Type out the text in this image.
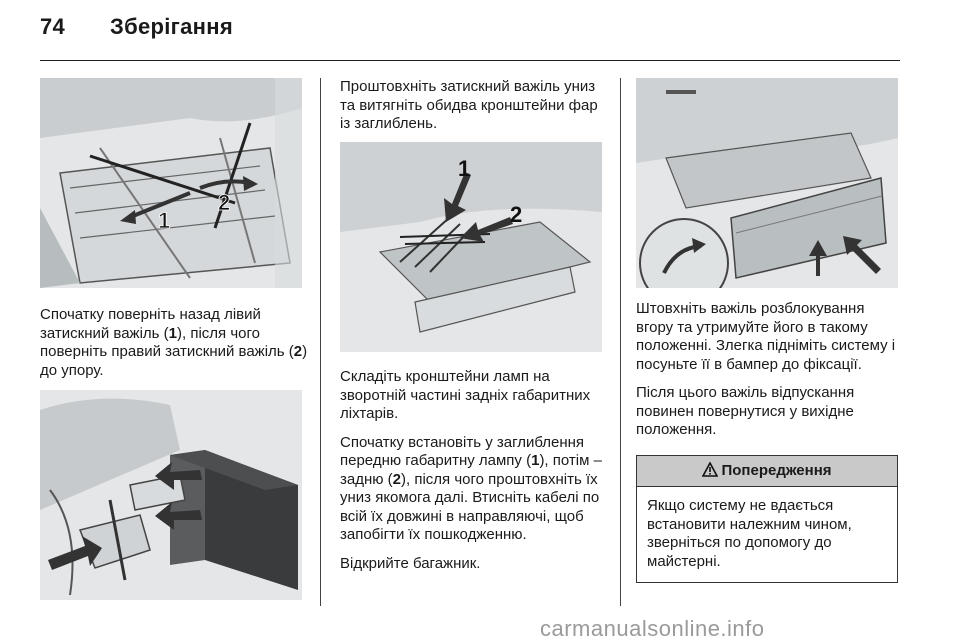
74 Зберігання
1
2

Спочатку поверніть назад лівий затискний важіль (1), після чого поверніть правий затискний важіль (2) до упору.

Проштовхніть затискний важіль униз та витягніть обидва кронштейни фар із заглиблень.

1
2

Складіть кронштейни ламп на зворотній частині задніх габаритних ліхтарів.

Спочатку встановіть у заглиблення передню габаритну лампу (1), потім – задню (2), після чого проштовхніть їх униз якомога далі. Втисніть кабелі по всій їх довжині в направляючі, щоб запобігти їх пошкодженню.

Відкрийте багажник.

Штовхніть важіль розблокування вгору та утримуйте його в такому положенні. Злегка підніміть систему і посуньте її в бампер до фіксації.

Після цього важіль відпускання повинен повернутися у вихідне положення.

Попередження
Якщо систему не вдається встановити належним чином, зверніться по допомогу до майстерні.
carmanualsonline.info
